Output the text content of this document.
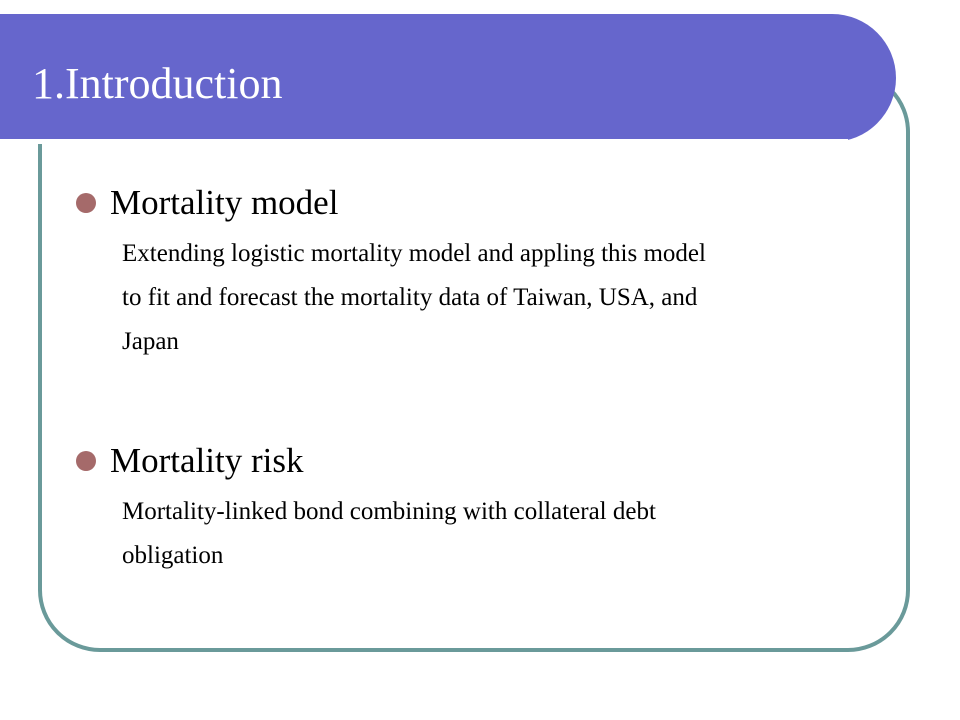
1.Introduction
Mortality model
Extending logistic mortality model and appling this model
to fit and forecast the mortality data of Taiwan, USA, and
Japan
Mortality risk
Mortality-linked bond combining with collateral debt
obligation
